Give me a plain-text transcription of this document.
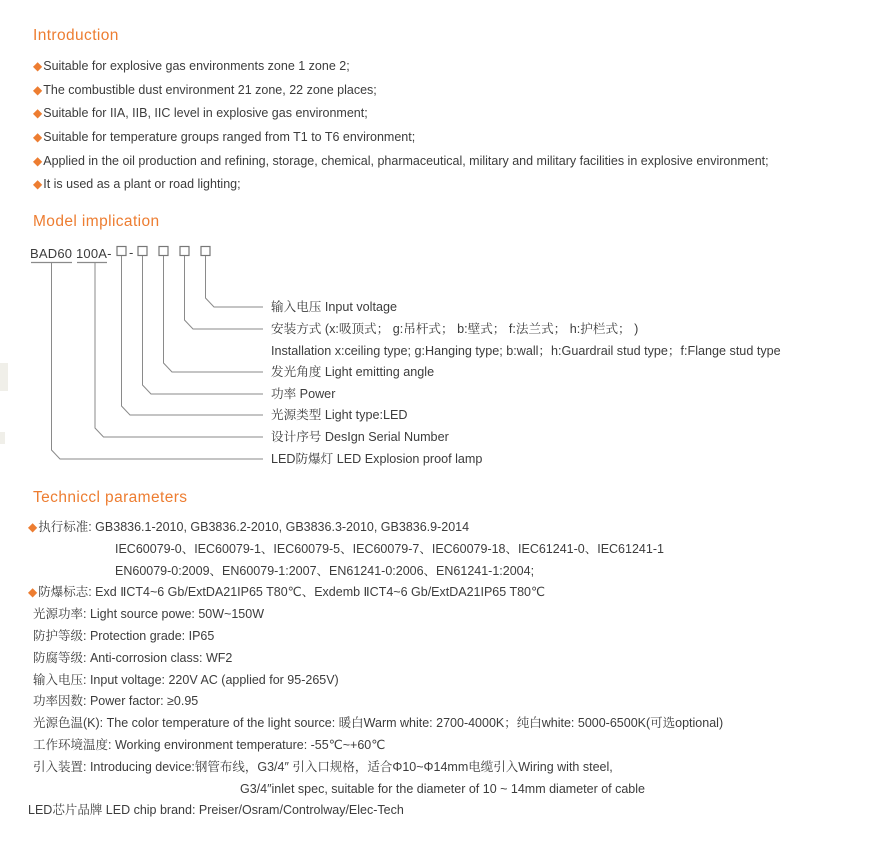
Introduction
◆Suitable for explosive gas environments zone 1 zone 2;
◆The combustible dust environment 21 zone, 22 zone places;
◆Suitable for IIA, IIB, IIC level in explosive gas environment;
◆Suitable for temperature groups ranged from T1 to T6 environment;
◆Applied in the oil production and refining, storage, chemical, pharmaceutical, military and military facilities in explosive environment;
◆It is used as a plant or road lighting;
Model implication
BAD60 100A- -
输入电压 Input voltage
安装方式 (x:吸顶式； g:吊杆式； b:壁式； f:法兰式； h:护栏式； )
Installation x:ceiling type; g:Hanging type; b:wall；h:Guardrail stud type；f:Flange stud type
发光角度 Light emitting angle
功率 Power
光源类型 Light type:LED
设计序号 DesIgn Serial Number
LED防爆灯 LED Explosion proof lamp
Techniccl parameters
◆执行标准: GB3836.1-2010, GB3836.2-2010, GB3836.3-2010, GB3836.9-2014
IEC60079-0、IEC60079-1、IEC60079-5、IEC60079-7、IEC60079-18、IEC61241-0、IEC61241-1
EN60079-0:2009、EN60079-1:2007、EN61241-0:2006、EN61241-1:2004;
◆防爆标志: Exd ⅡCT4~6 Gb/ExtDA21IP65 T80℃、Exdemb ⅡCT4~6 Gb/ExtDA21IP65 T80℃
光源功率: Light source powe: 50W~150W
防护等级: Protection grade: IP65
防腐等级: Anti-corrosion class: WF2
输入电压: Input voltage: 220V AC (applied for 95-265V)
功率因数: Power factor: ≥0.95
光源色温(K): The color temperature of the light source: 暖白Warm white: 2700-4000K；纯白white: 5000-6500K(可选optional)
工作环境温度: Working environment temperature: -55℃~+60℃
引入装置: Introducing device:钢管布线，G3/4″ 引入口规格，适合Φ10~Φ14mm电缆引入Wiring with steel,
G3/4″inlet spec, suitable for the diameter of 10 ~ 14mm diameter of cable
LED芯片品牌 LED chip brand: Preiser/Osram/Controlway/Elec-Tech
